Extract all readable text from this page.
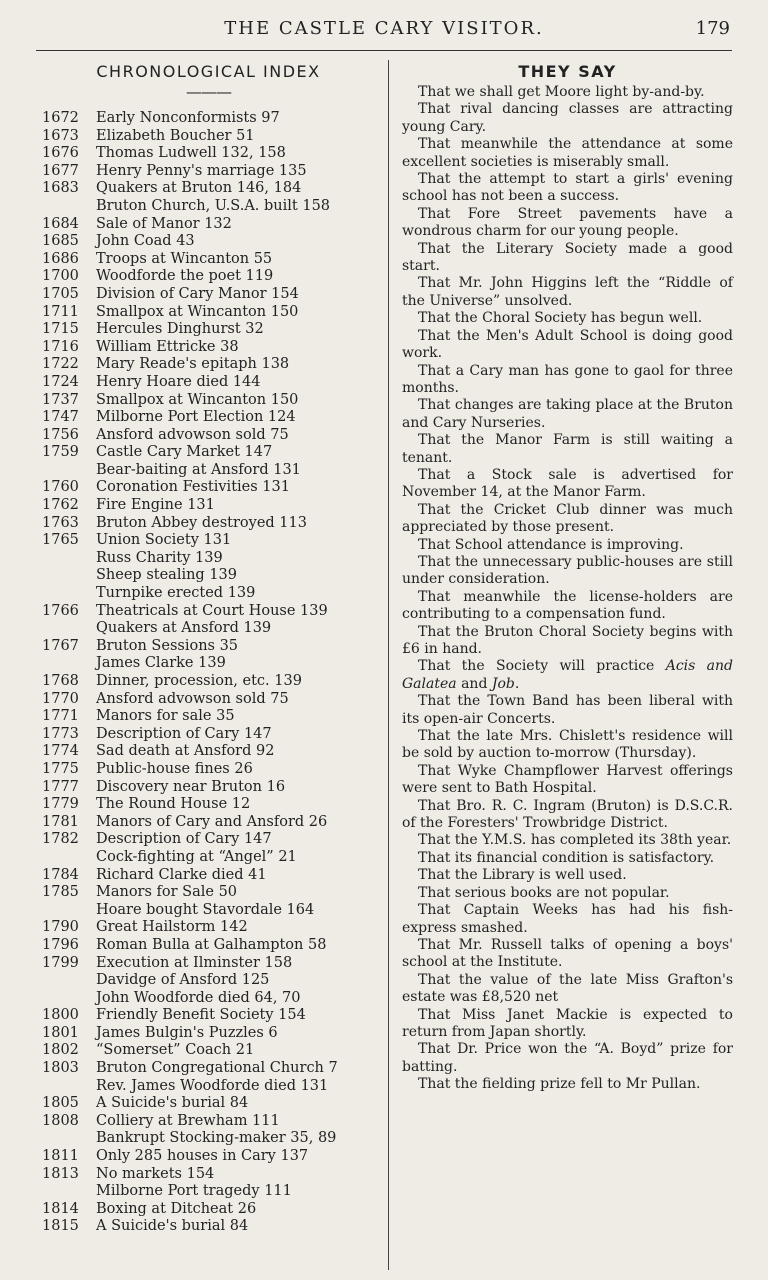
THE CASTLE CARY VISITOR.	179
CHRONOLOGICAL INDEX
———
1672	Early Nonconformists 97
1673	Elizabeth Boucher 51
1676	Thomas Ludwell 132, 158
1677	Henry Penny's marriage 135
1683	Quakers at Bruton 146, 184
Bruton Church, U.S.A. built 158
1684	Sale of Manor 132
1685	John Coad 43
1686	Troops at Wincanton 55
1700	Woodforde the poet 119
1705	Division of Cary Manor 154
1711	Smallpox at Wincanton 150
1715	Hercules Dinghurst 32
1716	William Ettricke 38
1722	Mary Reade's epitaph 138
1724	Henry Hoare died 144
1737	Smallpox at Wincanton 150
1747	Milborne Port Election 124
1756	Ansford advowson sold 75
1759	Castle Cary Market 147
Bear-baiting at Ansford 131
1760	Coronation Festivities 131
1762	Fire Engine 131
1763	Bruton Abbey destroyed 113
1765	Union Society 131
Russ Charity 139
Sheep stealing 139
Turnpike erected 139
1766	Theatricals at Court House 139
Quakers at Ansford 139
1767	Bruton Sessions 35
James Clarke 139
1768	Dinner, procession, etc. 139
1770	Ansford advowson sold 75
1771	Manors for sale 35
1773	Description of Cary 147
1774	Sad death at Ansford 92
1775	Public-house fines 26
1777	Discovery near Bruton 16
1779	The Round House 12
1781	Manors of Cary and Ansford 26
1782	Description of Cary 147
Cock-fighting at “Angel” 21
1784	Richard Clarke died 41
1785	Manors for Sale 50
Hoare bought Stavordale 164
1790	Great Hailstorm 142
1796	Roman Bulla at Galhampton 58
1799	Execution at Ilminster 158
Davidge of Ansford 125
John Woodforde died 64, 70
1800	Friendly Benefit Society 154
1801	James Bulgin's Puzzles 6
1802	“Somerset” Coach 21
1803	Bruton Congregational Church 7
Rev. James Woodforde died 131
1805	A Suicide's burial 84
1808	Colliery at Brewham 111
Bankrupt Stocking-maker 35, 89
1811	Only 285 houses in Cary 137
1813	No markets 154
Milborne Port tragedy 111
1814	Boxing at Ditcheat 26
1815	A Suicide's burial 84
THEY SAY

That we shall get Moore light by-and-by.

That rival dancing classes are attracting young Cary.

That meanwhile the attendance at some excellent societies is miserably small.

That the attempt to start a girls' evening school has not been a success.

That Fore Street pavements have a wondrous charm for our young people.

That the Literary Society made a good start.

That Mr. John Higgins left the “Riddle of the Universe” unsolved.

That the Choral Society has begun well.

That the Men's Adult School is doing good work.

That a Cary man has gone to gaol for three months.

That changes are taking place at the Bruton and Cary Nurseries.

That the Manor Farm is still waiting a tenant.

That a Stock sale is advertised for November 14, at the Manor Farm.

That the Cricket Club dinner was much appreciated by those present.

That School attendance is improving.

That the unnecessary public-houses are still under consideration.

That meanwhile the license-holders are contributing to a compensation fund.

That the Bruton Choral Society begins with £6 in hand.

That the Society will practice Acis and Galatea and Job.

That the Town Band has been liberal with its open-air Concerts.

That the late Mrs. Chislett's residence will be sold by auction to-morrow (Thursday).

That Wyke Champflower Harvest offerings were sent to Bath Hospital.

That Bro. R. C. Ingram (Bruton) is D.S.C.R. of the Foresters' Trowbridge District.

That the Y.M.S. has completed its 38th year.

That its financial condition is satisfactory.

That the Library is well used.

That serious books are not popular.

That Captain Weeks has had his fish-express smashed.

That Mr. Russell talks of opening a boys' school at the Institute.

That the value of the late Miss Grafton's estate was £8,520 net

That Miss Janet Mackie is expected to return from Japan shortly.

That Dr. Price won the “A. Boyd” prize for batting.

That the fielding prize fell to Mr Pullan.
